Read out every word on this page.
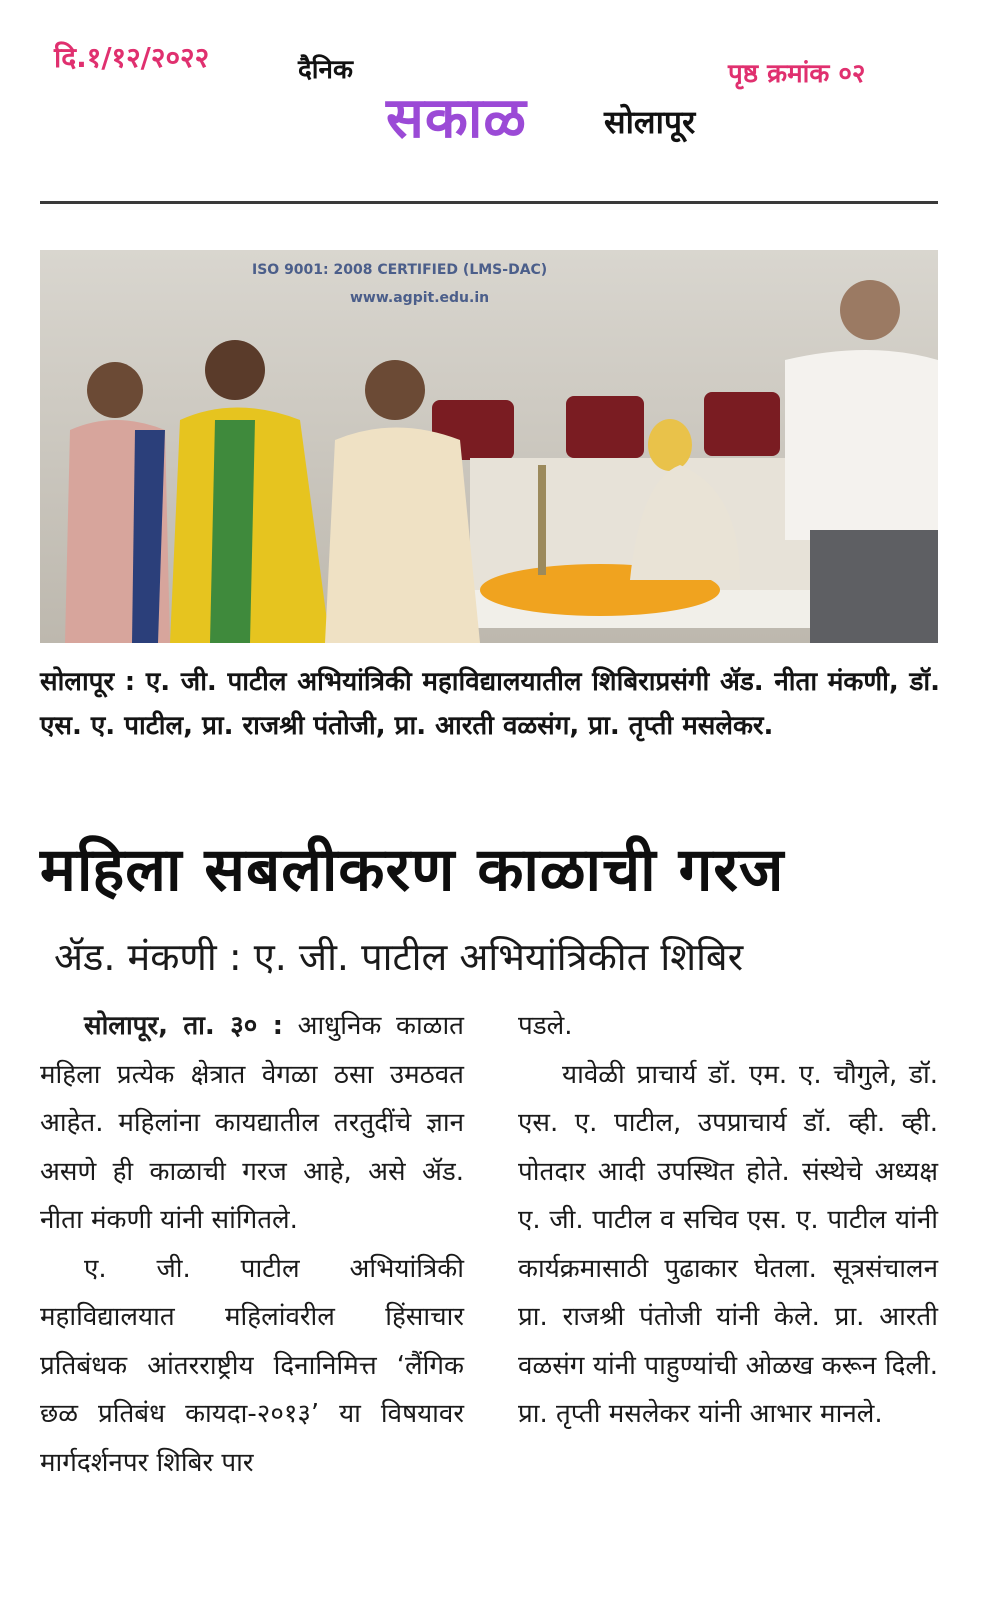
दि.१/१२/२०२२	दैनिक
सकाळ सोलापूर
पृष्ठ क्रमांक ०२
ISO 9001: 2008 CERTIFIED (LMS-DAC)
www.agpit.edu.in
सोलापूर : ए. जी. पाटील अभियांत्रिकी महाविद्यालयातील शिबिराप्रसंगी ॲड. नीता मंकणी, डॉ. एस. ए. पाटील, प्रा. राजश्री पंतोजी, प्रा. आरती वळसंग, प्रा. तृप्ती मसलेकर.
महिला सबलीकरण काळाची गरज
ॲड. मंकणी : ए. जी. पाटील अभियांत्रिकीत शिबिर

सोलापूर, ता. ३० : आधुनिक काळात महिला प्रत्येक क्षेत्रात वेगळा ठसा उमठवत आहेत. महिलांना कायद्यातील तरतुदींचे ज्ञान असणे ही काळाची गरज आहे, असे ॲड. नीता मंकणी यांनी सांगितले.

ए. जी. पाटील अभियांत्रिकी महाविद्यालयात महिलांवरील हिंसाचार प्रतिबंधक आंतरराष्ट्रीय दिनानिमित्त ‘लैंगिक छळ प्रतिबंध कायदा-२०१३’ या विषयावर मार्गदर्शनपर शिबिर पार

पडले.

यावेळी प्राचार्य डॉ. एम. ए. चौगुले, डॉ. एस. ए. पाटील, उपप्राचार्य डॉ. व्ही. व्ही. पोतदार आदी उपस्थित होते. संस्थेचे अध्यक्ष ए. जी. पाटील व सचिव एस. ए. पाटील यांनी कार्यक्रमासाठी पुढाकार घेतला. सूत्रसंचालन प्रा. राजश्री पंतोजी यांनी केले. प्रा. आरती वळसंग यांनी पाहुण्यांची ओळख करून दिली. प्रा. तृप्ती मसलेकर यांनी आभार मानले.
